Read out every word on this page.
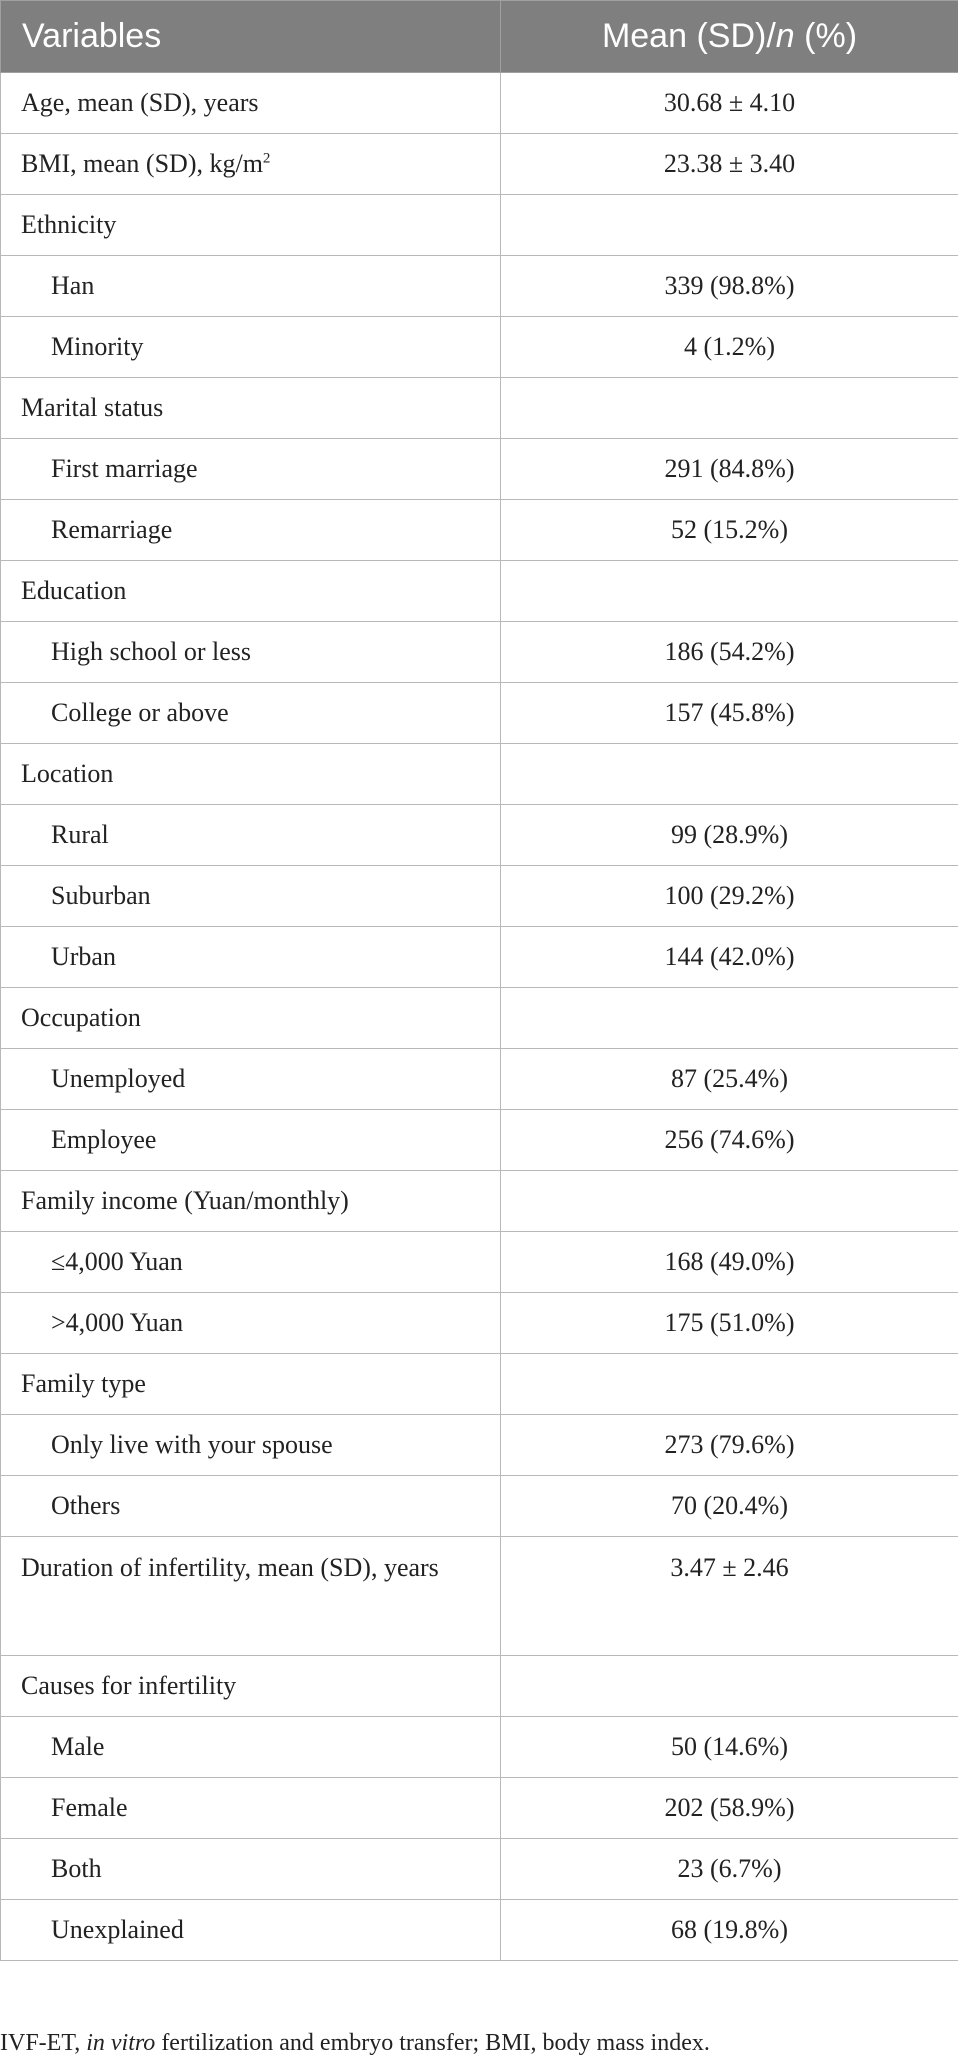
Variables	Mean (SD)/n (%)
Age, mean (SD), years	30.68 ± 4.10
BMI, mean (SD), $kg/m^2$	23.38 ± 3.40
Ethnicity	
Han	339 (98.8%)
Minority	4 (1.2%)
Marital status	
First marriage	291 (84.8%)
Remarriage	52 (15.2%)
Education	
High school or less	186 (54.2%)
College or above	157 (45.8%)
Location	
Rural	99 (28.9%)
Suburban	100 (29.2%)
Urban	144 (42.0%)
Occupation	
Unemployed	87 (25.4%)
Employee	256 (74.6%)
Family income (Yuan/monthly)	
≤4,000 Yuan	168 (49.0%)
>4,000 Yuan	175 (51.0%)
Family type	
Only live with your spouse	273 (79.6%)
Others	70 (20.4%)
Duration of infertility, mean (SD), years	3.47 ± 2.46
Causes for infertility	
Male	50 (14.6%)
Female	202 (58.9%)
Both	23 (6.7%)
Unexplained	68 (19.8%)
IVF-ET, in vitro fertilization and embryo transfer; BMI, body mass index.
